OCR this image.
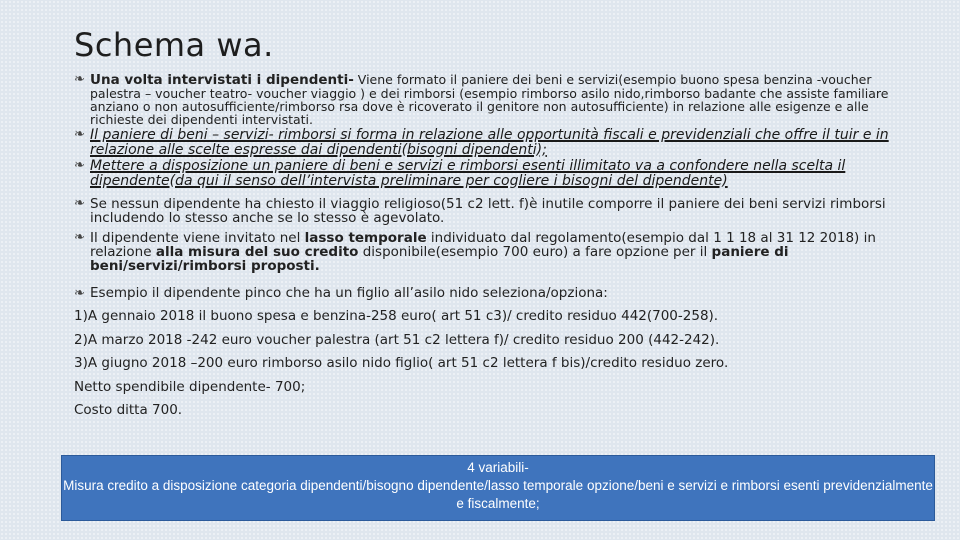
Schema wa.
❧ Una volta intervistati i dipendenti- Viene formato il paniere dei beni e servizi(esempio buono spesa benzina -voucher palestra – voucher teatro- voucher viaggio ) e dei rimborsi (esempio rimborso asilo nido,rimborso badante che assiste familiare anziano o non autosufficiente/rimborso rsa dove è ricoverato il genitore non autosufficiente) in relazione alle esigenze e alle richieste dei dipendenti intervistati.
❧ Il paniere di beni – servizi- rimborsi si forma in relazione alle opportunità fiscali e previdenziali che offre il tuir e in relazione alle scelte espresse dai dipendenti(bisogni dipendenti);
❧ Mettere a disposizione un paniere di beni e servizi e rimborsi esenti illimitato va a confondere nella scelta il dipendente(da qui il senso dell’intervista preliminare per cogliere i bisogni del dipendente)
❧ Se nessun dipendente ha chiesto il viaggio religioso(51 c2 lett. f)è inutile comporre il paniere dei beni servizi rimborsi includendo lo stesso anche se lo stesso è agevolato.
❧ Il dipendente viene invitato nel lasso temporale individuato dal regolamento(esempio dal 1 1 18 al 31 12 2018) in relazione alla misura del suo credito disponibile(esempio 700 euro) a fare opzione per il paniere di beni/servizi/rimborsi proposti.
❧ Esempio il dipendente pinco che ha un figlio all’asilo nido seleziona/opziona:
1)A gennaio 2018 il buono spesa e benzina-258 euro( art 51 c3)/ credito residuo 442(700-258).
2)A marzo 2018 -242 euro voucher palestra (art 51 c2 lettera f)/ credito residuo 200 (442-242).
3)A giugno 2018 –200 euro rimborso asilo nido figlio( art 51 c2 lettera f bis)/credito residuo zero.
Netto spendibile dipendente- 700;
Costo ditta 700.
4 variabili-
Misura credito a disposizione categoria dipendenti/bisogno dipendente/lasso temporale opzione/beni e servizi e rimborsi esenti previdenzialmente e fiscalmente;
